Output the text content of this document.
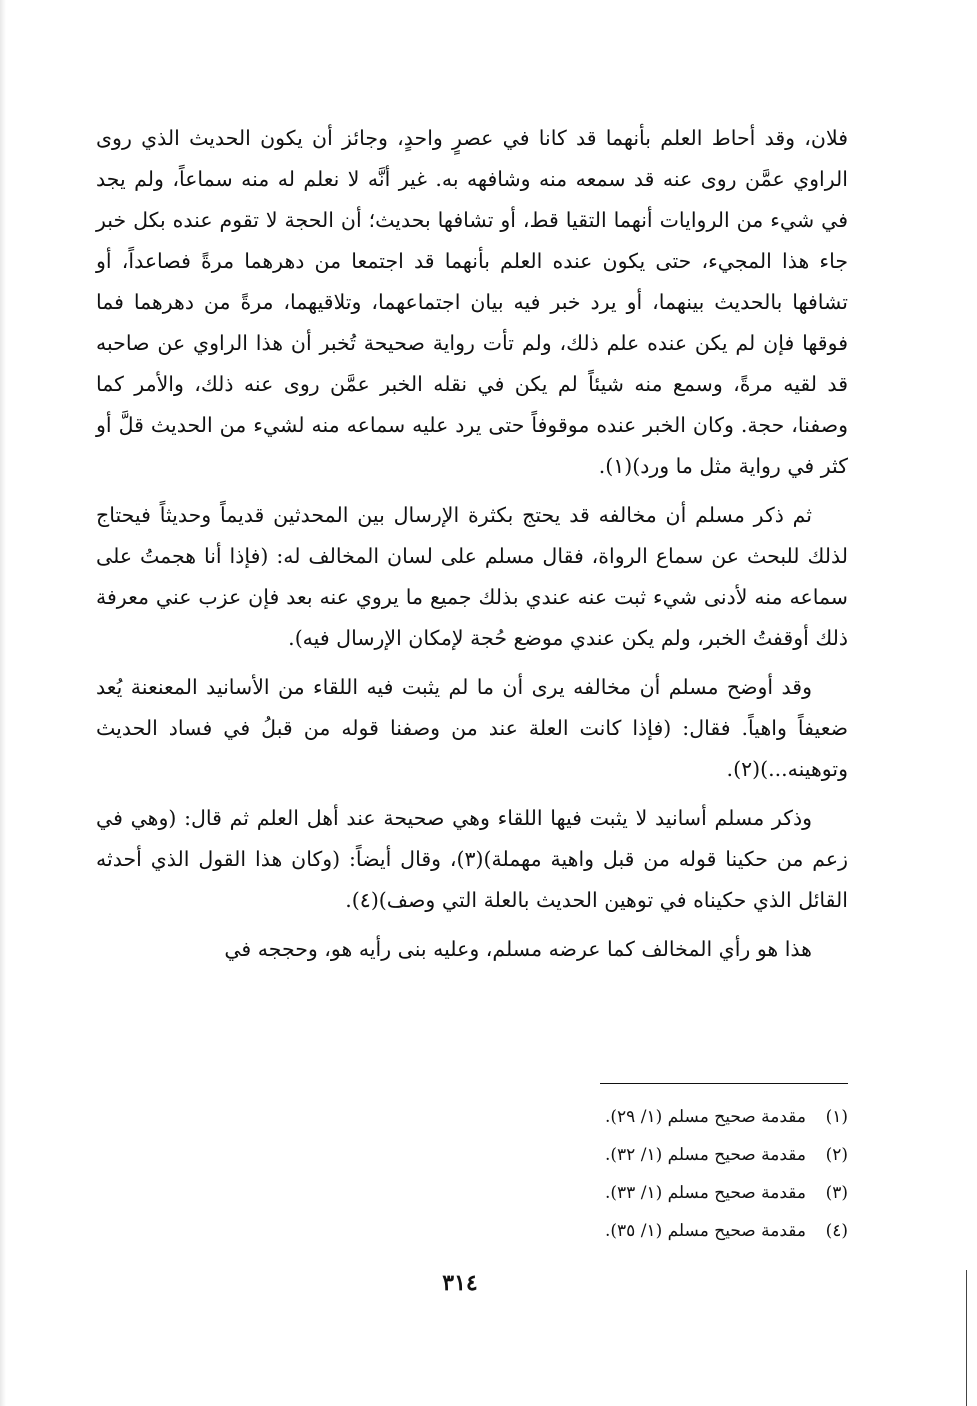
فلان، وقد أحاط العلم بأنهما قد كانا في عصرٍ واحدٍ، وجائز أن يكون الحديث الذي روى الراوي عمَّن روى عنه قد سمعه منه وشافهه به. غير أنَّه لا نعلم له منه سماعاً، ولم يجد في شيء من الروايات أنهما التقيا قط، أو تشافها بحديث؛ أن الحجة لا تقوم عنده بكل خبر جاء هذا المجيء، حتى يكون عنده العلم بأنهما قد اجتمعا من دهرهما مرةً فصاعداً، أو تشافها بالحديث بينهما، أو يرد خبر فيه بيان اجتماعهما، وتلاقيهما، مرةً من دهرهما فما فوقها فإن لم يكن عنده علم ذلك، ولم تأت رواية صحيحة تُخبر أن هذا الراوي عن صاحبه قد لقيه مرةً، وسمع منه شيئاً لم يكن في نقله الخبر عمَّن روى عنه ذلك، والأمر كما وصفنا، حجة. وكان الخبر عنده موقوفاً حتى يرد عليه سماعه منه لشيء من الحديث قلَّ أو كثر في رواية مثل ما ورد)(١).

ثم ذكر مسلم أن مخالفه قد يحتج بكثرة الإرسال بين المحدثين قديماً وحديثاً فيحتاج لذلك للبحث عن سماع الرواة، فقال مسلم على لسان المخالف له: (فإذا أنا هجمتُ على سماعه منه لأدنى شيء ثبت عنه عندي بذلك جميع ما يروي عنه بعد فإن عزب عني معرفة ذلك أوقفتُ الخبر، ولم يكن عندي موضع حُجة لإمكان الإرسال فيه).

وقد أوضح مسلم أن مخالفه يرى أن ما لم يثبت فيه اللقاء من الأسانيد المعنعنة يُعد ضعيفاً واهياً. فقال: (فإذا كانت العلة عند من وصفنا قوله من قبلُ في فساد الحديث وتوهينه...)(٢).

وذكر مسلم أسانيد لا يثبت فيها اللقاء وهي صحيحة عند أهل العلم ثم قال: (وهي في زعم من حكينا قوله من قبل واهية مهملة)(٣)، وقال أيضاً: (وكان هذا القول الذي أحدثه القائل الذي حكيناه في توهين الحديث بالعلة التي وصف)(٤).

هذا هو رأي المخالف كما عرضه مسلم، وعليه بنى رأيه هو، وحججه في

(١)
مقدمة صحيح مسلم (١/ ٢٩).
(٢)
مقدمة صحيح مسلم (١/ ٣٢).
(٣)
مقدمة صحيح مسلم (١/ ٣٣).
(٤)
مقدمة صحيح مسلم (١/ ٣٥).
٣١٤
